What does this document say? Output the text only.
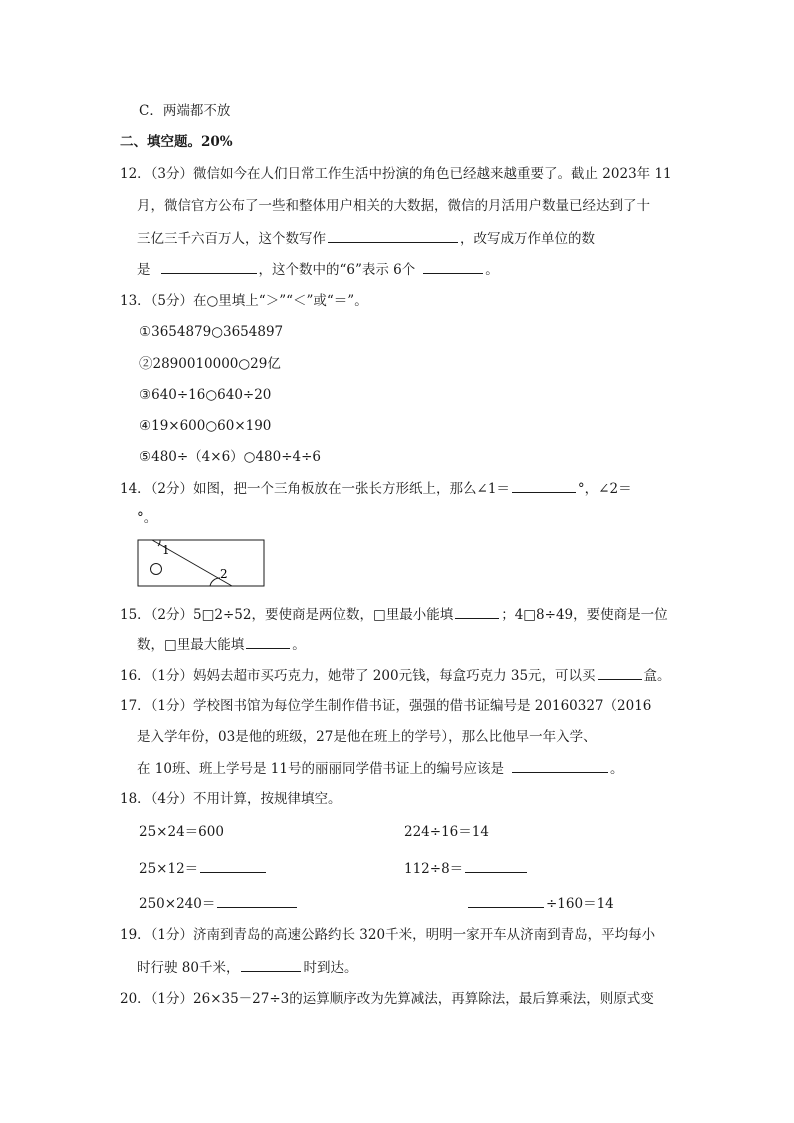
C．两端都不放
二、填空题。20%
12．（3分）微信如今在人们日常工作生活中扮演的角色已经越来越重要了。截止 2023年 11
月，微信官方公布了一些和整体用户相关的大数据，微信的月活用户数量已经达到了十
三亿三千六百万人，这个数写作	，改写成万作单位的数
是	，这个数中的“6”表示 6个	。
13．（5分）在○里填上“＞”“＜”或“＝”。
①3654879○3654897
②2890010000○29亿
③640÷16○640÷20
④19×600○60×190
⑤480÷（4×6）○480÷4÷6
14．（2分）如图，把一个三角板放在一张长方形纸上，那么∠1＝	°，∠2＝
°。
1
2
15．（2分）5□2÷52，要使商是两位数，□里最小能填	；4□8÷49，要使商是一位
数，□里最大能填	。
16．（1分）妈妈去超市买巧克力，她带了 200元钱，每盒巧克力 35元，可以买	盒。
17．（1分）学校图书馆为每位学生制作借书证，强强的借书证编号是 20160327（2016
是入学年份，03是他的班级，27是他在班上的学号），那么比他早一年入学、
在 10班、班上学号是 11号的丽丽同学借书证上的编号应该是	。
18．（4分）不用计算，按规律填空。
25×24＝600	224÷16＝14
25×12＝	112÷8＝
250×240＝	÷160＝14
19．（1分）济南到青岛的高速公路约长 320千米，明明一家开车从济南到青岛，平均每小
时行驶 80千米，	时到达。
20．（1分）26×35－27÷3的运算顺序改为先算减法，再算除法，最后算乘法，则原式变
